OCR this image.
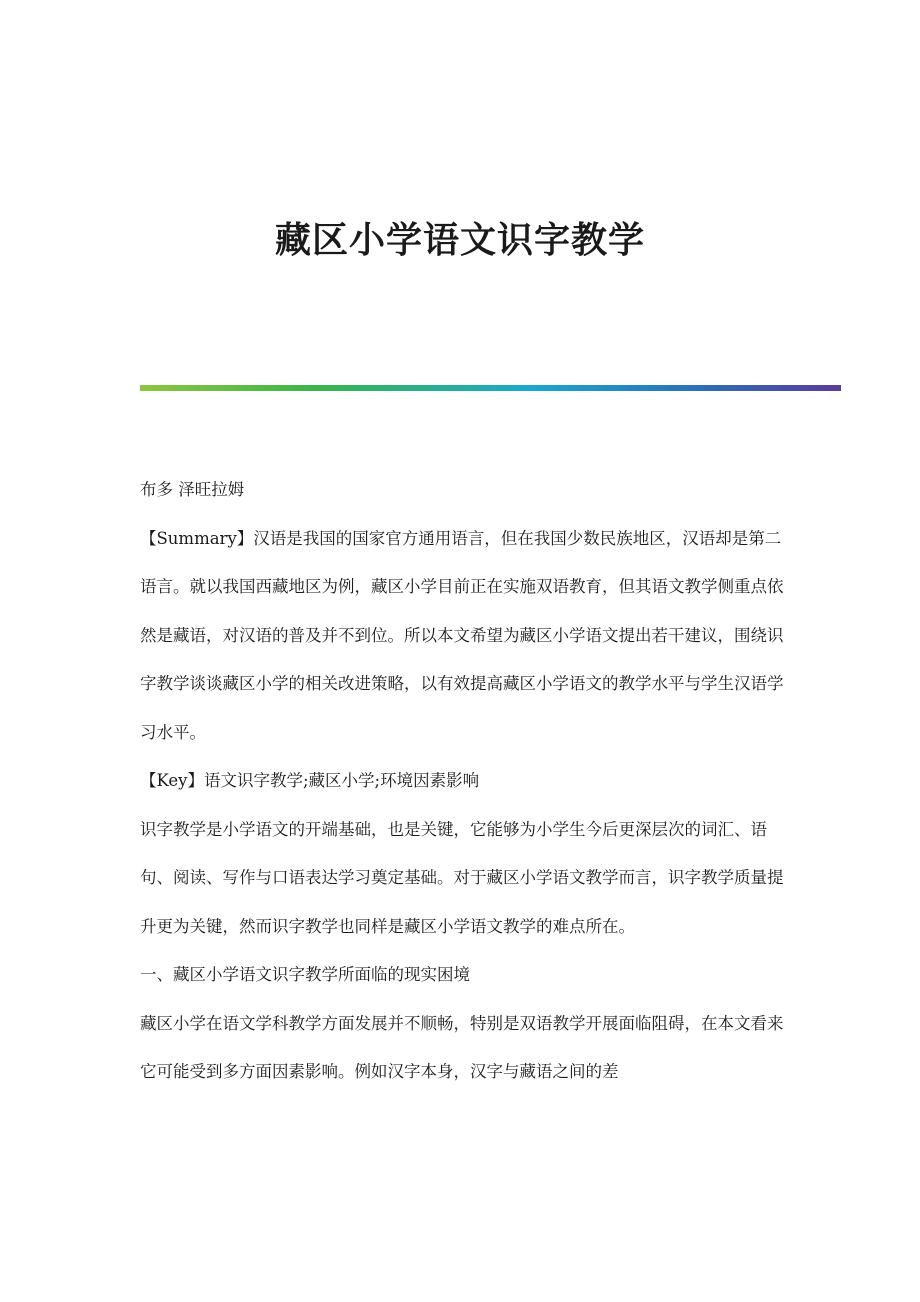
藏区小学语文识字教学

布多 泽旺拉姆

【Summary】汉语是我国的国家官方通用语言，但在我国少数民族地区，汉语却是第二语言。就以我国西藏地区为例，藏区小学目前正在实施双语教育，但其语文教学侧重点依然是藏语，对汉语的普及并不到位。所以本文希望为藏区小学语文提出若干建议，围绕识字教学谈谈藏区小学的相关改进策略，以有效提高藏区小学语文的教学水平与学生汉语学习水平。

【Key】语文识字教学;藏区小学;环境因素影响

识字教学是小学语文的开端基础，也是关键，它能够为小学生今后更深层次的词汇、语句、阅读、写作与口语表达学习奠定基础。对于藏区小学语文教学而言，识字教学质量提升更为关键，然而识字教学也同样是藏区小学语文教学的难点所在。

一、藏区小学语文识字教学所面临的现实困境

藏区小学在语文学科教学方面发展并不顺畅，特别是双语教学开展面临阻碍，在本文看来它可能受到多方面因素影响。例如汉字本身，汉字与藏语之间的差
